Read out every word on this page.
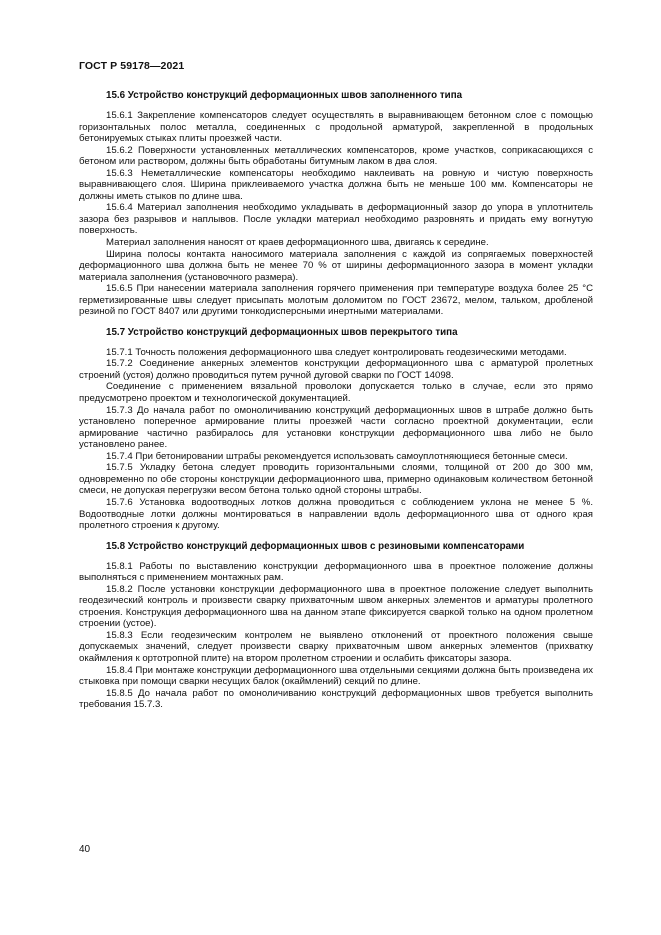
ГОСТ Р 59178—2021
15.6 Устройство конструкций деформационных швов заполненного типа

15.6.1 Закрепление компенсаторов следует осуществлять в выравнивающем бетонном слое с помощью горизонтальных полос металла, соединенных с продольной арматурой, закрепленной в продольных бетонируемых стыках плиты проезжей части.

15.6.2 Поверхности установленных металлических компенсаторов, кроме участков, соприкасающихся с бетоном или раствором, должны быть обработаны битумным лаком в два слоя.

15.6.3 Неметаллические компенсаторы необходимо наклеивать на ровную и чистую поверхность выравнивающего слоя. Ширина приклеиваемого участка должна быть не меньше 100 мм. Компенсаторы не должны иметь стыков по длине шва.

15.6.4 Материал заполнения необходимо укладывать в деформационный зазор до упора в уплотнитель зазора без разрывов и наплывов. После укладки материал необходимо разровнять и придать ему вогнутую поверхность.

Материал заполнения наносят от краев деформационного шва, двигаясь к середине.

Ширина полосы контакта наносимого материала заполнения с каждой из сопрягаемых поверхностей деформационного шва должна быть не менее 70 % от ширины деформационного зазора в момент укладки материала заполнения (установочного размера).

15.6.5 При нанесении материала заполнения горячего применения при температуре воздуха более 25 °С герметизированные швы следует присыпать молотым доломитом по ГОСТ 23672, мелом, тальком, дробленой резиной по ГОСТ 8407 или другими тонкодисперсными инертными материалами.

15.7 Устройство конструкций деформационных швов перекрытого типа

15.7.1 Точность положения деформационного шва следует контролировать геодезическими методами.

15.7.2 Соединение анкерных элементов конструкции деформационного шва с арматурой пролетных строений (устоя) должно проводиться путем ручной дуговой сварки по ГОСТ 14098.

Соединение с применением вязальной проволоки допускается только в случае, если это прямо предусмотрено проектом и технологической документацией.

15.7.3 До начала работ по омоноличиванию конструкций деформационных швов в штрабе должно быть установлено поперечное армирование плиты проезжей части согласно проектной документации, если армирование частично разбиралось для установки конструкции деформационного шва либо не было установлено ранее.

15.7.4 При бетонировании штрабы рекомендуется использовать самоуплотняющиеся бетонные смеси.

15.7.5 Укладку бетона следует проводить горизонтальными слоями, толщиной от 200 до 300 мм, одновременно по обе стороны конструкции деформационного шва, примерно одинаковым количеством бетонной смеси, не допуская перегрузки весом бетона только одной стороны штрабы.

15.7.6 Установка водоотводных лотков должна проводиться с соблюдением уклона не менее 5 %. Водоотводные лотки должны монтироваться в направлении вдоль деформационного шва от одного края пролетного строения к другому.

15.8 Устройство конструкций деформационных швов с резиновыми компенсаторами

15.8.1 Работы по выставлению конструкции деформационного шва в проектное положение должны выполняться с применением монтажных рам.

15.8.2 После установки конструкции деформационного шва в проектное положение следует выполнить геодезический контроль и произвести сварку прихваточным швом анкерных элементов и арматуры пролетного строения. Конструкция деформационного шва на данном этапе фиксируется сваркой только на одном пролетном строении (устое).

15.8.3 Если геодезическим контролем не выявлено отклонений от проектного положения свыше допускаемых значений, следует произвести сварку прихваточным швом анкерных элементов (прихватку окаймления к ортотропной плите) на втором пролетном строении и ослабить фиксаторы зазора.

15.8.4 При монтаже конструкции деформационного шва отдельными секциями должна быть произведена их стыковка при помощи сварки несущих балок (окаймлений) секций по длине.

15.8.5 До начала работ по омоноличиванию конструкций деформационных швов требуется выполнить требования 15.7.3.

40
